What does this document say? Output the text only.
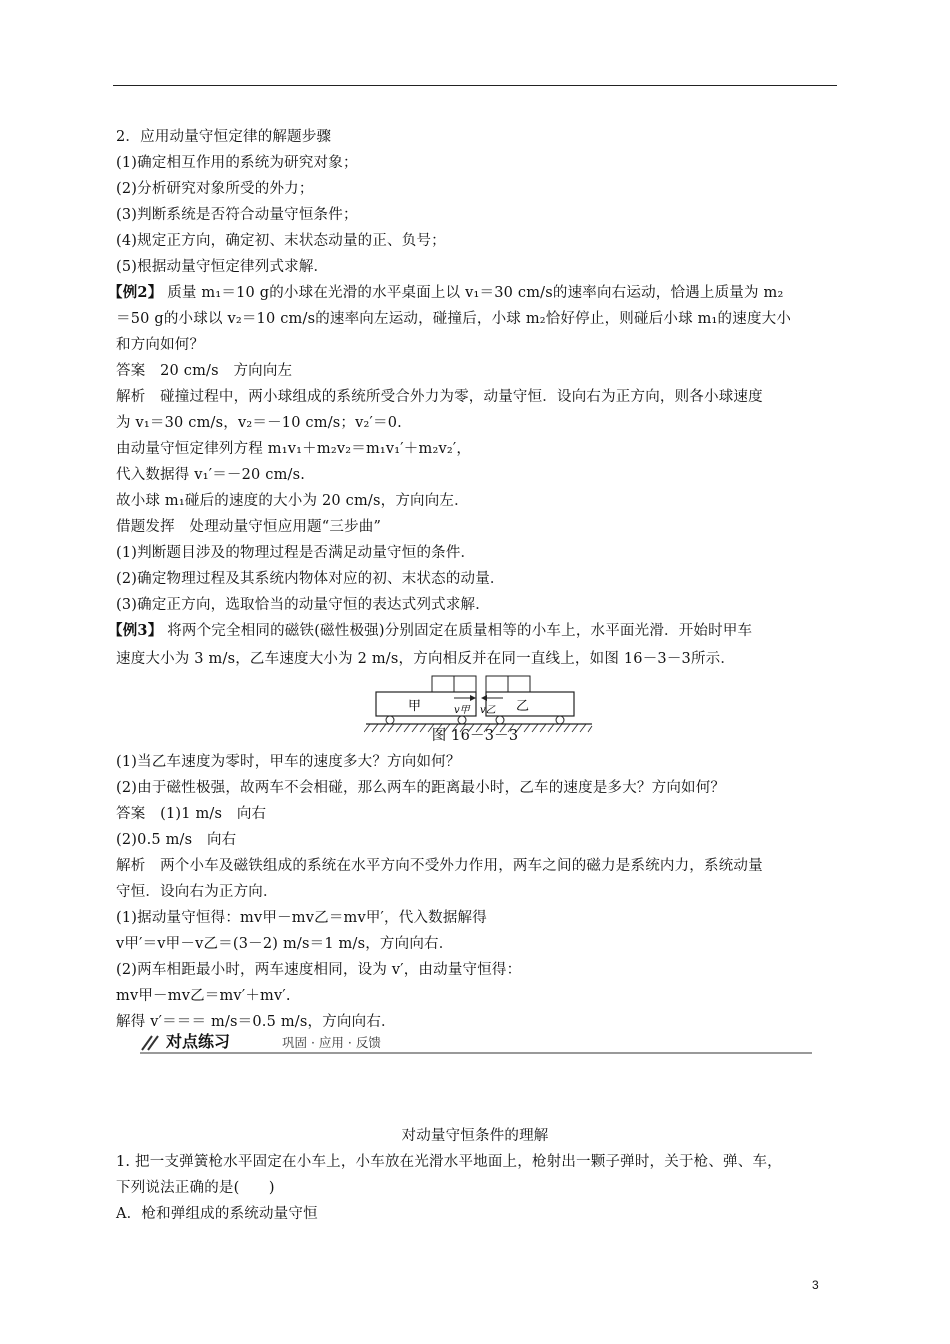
2．应用动量守恒定律的解题步骤
(1)确定相互作用的系统为研究对象；
(2)分析研究对象所受的外力；
(3)判断系统是否符合动量守恒条件；
(4)规定正方向，确定初、末状态动量的正、负号；
(5)根据动量守恒定律列式求解．
【例2】 质量 m₁＝10 g的小球在光滑的水平桌面上以 v₁＝30 cm/s的速率向右运动，恰遇上质量为 m₂
＝50 g的小球以 v₂＝10 cm/s的速率向左运动，碰撞后，小球 m₂恰好停止，则碰后小球 m₁的速度大小
和方向如何？
答案　20 cm/s　方向向左
解析　碰撞过程中，两小球组成的系统所受合外力为零，动量守恒．设向右为正方向，则各小球速度
为 v₁＝30 cm/s，v₂＝－10 cm/s；v₂′＝0.
由动量守恒定律列方程 m₁v₁＋m₂v₂＝m₁v₁′＋m₂v₂′，
代入数据得 v₁′＝－20 cm/s.
故小球 m₁碰后的速度的大小为 20 cm/s，方向向左．
借题发挥　处理动量守恒应用题“三步曲”
(1)判断题目涉及的物理过程是否满足动量守恒的条件．
(2)确定物理过程及其系统内物体对应的初、末状态的动量．
(3)确定正方向，选取恰当的动量守恒的表达式列式求解．
【例3】 将两个完全相同的磁铁(磁性极强)分别固定在质量相等的小车上，水平面光滑．开始时甲车
速度大小为 3 m/s，乙车速度大小为 2 m/s，方向相反并在同一直线上，如图 16－3－3所示．
甲	乙
v甲 v乙
图 16－3－3
(1)当乙车速度为零时，甲车的速度多大？方向如何？
(2)由于磁性极强，故两车不会相碰，那么两车的距离最小时，乙车的速度是多大？方向如何？
答案　(1)1 m/s　向右
(2)0.5 m/s　向右
解析　两个小车及磁铁组成的系统在水平方向不受外力作用，两车之间的磁力是系统内力，系统动量
守恒．设向右为正方向．
(1)据动量守恒得：mv甲－mv乙＝mv甲′，代入数据解得
v甲′＝v甲－v乙＝(3－2) m/s＝1 m/s，方向向右．
(2)两车相距最小时，两车速度相同，设为 v′，由动量守恒得：
mv甲－mv乙＝mv′＋mv′.
解得 v′＝＝＝ m/s＝0.5 m/s，方向向右．
对点练习	巩固 · 应用 · 反馈
对动量守恒条件的理解
1. 把一支弹簧枪水平固定在小车上，小车放在光滑水平地面上，枪射出一颗子弹时，关于枪、弹、车，
下列说法正确的是(　　)
A．枪和弹组成的系统动量守恒
3
